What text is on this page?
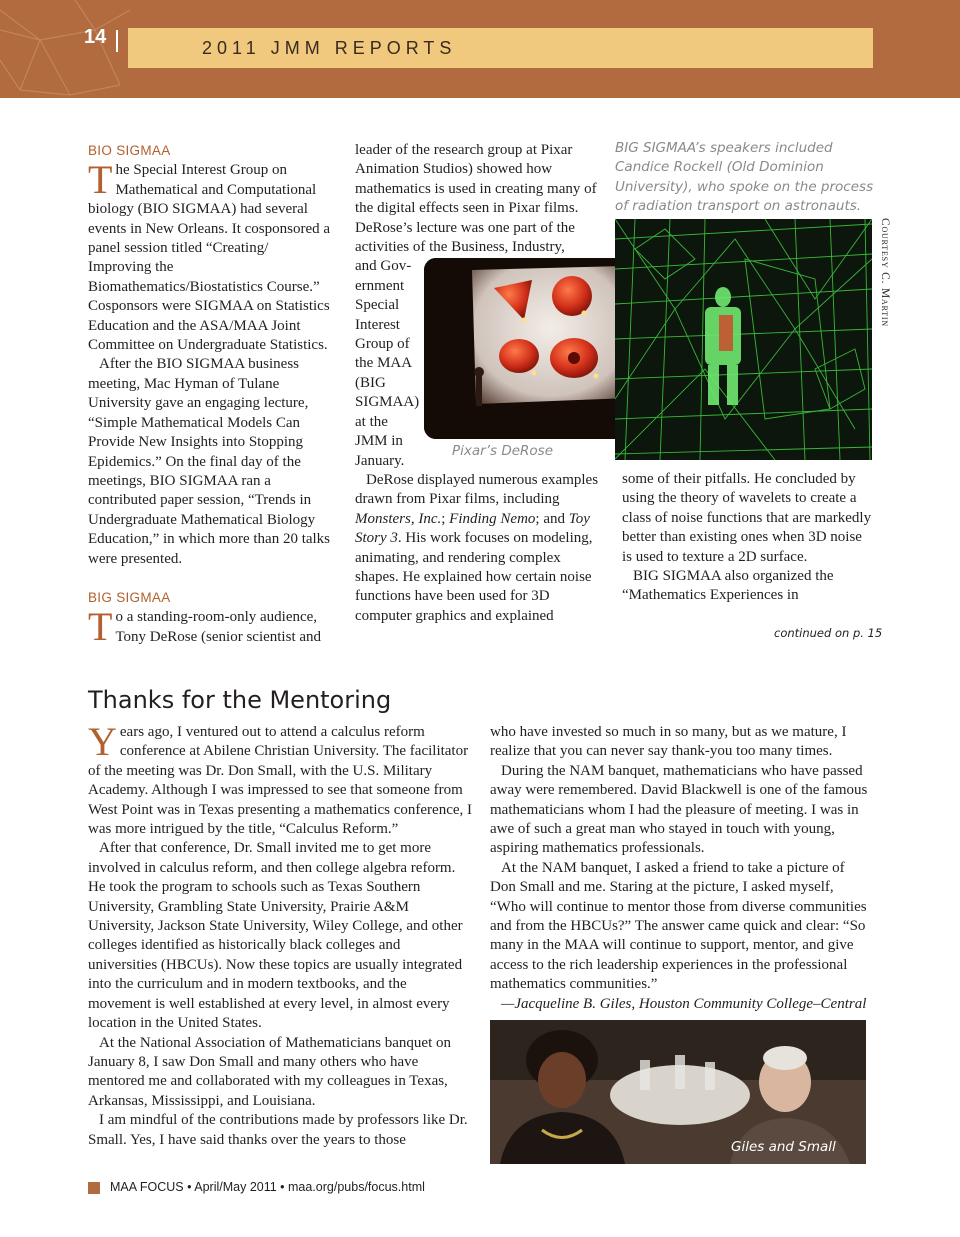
14	2011 JMM REPORTS
BIO SIGMAA

The Special Interest Group on Mathematical and Computational biology (BIO SIGMAA) had several events in New Orleans. It cosponsored a panel session titled “Creating/ Improving the Biomathematics/Biostatistics Course.” Cosponsors were SIGMAA on Statistics Education and the ASA/MAA Joint Committee on Undergraduate Statistics.

After the BIO SIGMAA business meeting, Mac Hyman of Tulane University gave an engaging lecture, “Simple Mathematical Models Can Provide New Insights into Stopping Epidemics.” On the final day of the meetings, BIO SIGMAA ran a contributed paper session, “Trends in Undergraduate Mathematical Biology Education,” in which more than 20 talks were presented.

BIG SIGMAA

To a standing-room-only audience, Tony DeRose (senior scientist and

leader of the research group at Pixar Animation Studios) showed how mathematics is used in creating many of the digital effects seen in Pixar films. DeRose’s lecture was one part of the activities of the Business, Industry,

and Gov-
ernment
Special
Interest
Group of
the MAA
(BIG
SIGMAA)
at the
JMM in
January.

DeRose displayed numerous examples drawn from Pixar films, including Monsters, Inc.; Finding Nemo; and Toy Story 3. His work focuses on modeling, animating, and rendering complex shapes. He explained how certain noise functions have been used for 3D computer graphics and explained

Pixar’s DeRose
BIG SIGMAA’s speakers included Candice Rockell (Old Dominion University), who spoke on the process of radiation transport on astronauts.
Courtesy C. Martin

some of their pitfalls. He concluded by using the theory of wavelets to create a class of noise functions that are markedly better than existing ones when 3D noise is used to texture a 2D surface.

BIG SIGMAA also organized the “Mathematics Experiences in

continued on p. 15
Thanks for the Mentoring

Years ago, I ventured out to attend a calculus reform conference at Abilene Christian University. The facilitator of the meeting was Dr. Don Small, with the U.S. Military Academy. Although I was impressed to see that someone from West Point was in Texas presenting a mathematics conference, I was more intrigued by the title, “Calculus Reform.”

After that conference, Dr. Small invited me to get more involved in calculus reform, and then college algebra reform. He took the program to schools such as Texas Southern University, Grambling State University, Prairie A&M University, Jackson State University, Wiley College, and other colleges identified as historically black colleges and universities (HBCUs). Now these topics are usually integrated into the curriculum and in modern textbooks, and the movement is well established at every level, in almost every location in the United States.

At the National Association of Mathematicians banquet on January 8, I saw Don Small and many others who have mentored me and collaborated with my colleagues in Texas, Arkansas, Mississippi, and Louisiana.

I am mindful of the contributions made by professors like Dr. Small. Yes, I have said thanks over the years to those

who have invested so much in so many, but as we mature, I realize that you can never say thank-you too many times.

During the NAM banquet, mathematicians who have passed away were remembered. David Blackwell is one of the famous mathematicians whom I had the pleasure of meeting. I was in awe of such a great man who stayed in touch with young, aspiring mathematics professionals.

At the NAM banquet, I asked a friend to take a picture of Don Small and me. Staring at the picture, I asked myself, “Who will continue to mentor those from diverse communities and from the HBCUs?” The answer came quick and clear: “So many in the MAA will continue to support, mentor, and give access to the rich leadership experiences in the professional mathematics communities.”

—Jacqueline B. Giles, Houston Community College–Central

Giles and Small
MAA FOCUS • April/May 2011 • maa.org/pubs/focus.html
